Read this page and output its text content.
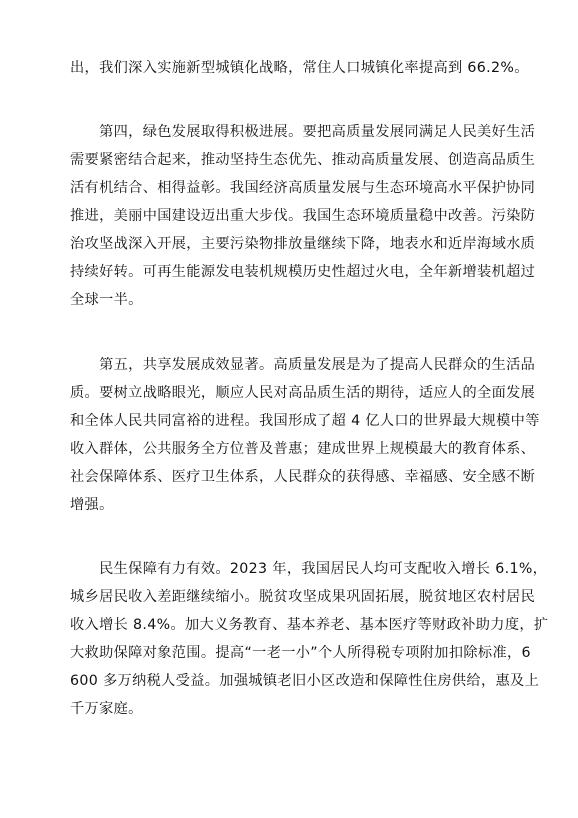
出，我们深入实施新型城镇化战略，常住人口城镇化率提高到 66.2%。
　　第四，绿色发展取得积极进展。要把高质量发展同满足人民美好生活
需要紧密结合起来，推动坚持生态优先、推动高质量发展、创造高品质生
活有机结合、相得益彰。我国经济高质量发展与生态环境高水平保护协同
推进，美丽中国建设迈出重大步伐。我国生态环境质量稳中改善。污染防
治攻坚战深入开展，主要污染物排放量继续下降，地表水和近岸海域水质
持续好转。可再生能源发电装机规模历史性超过火电，全年新增装机超过
全球一半。
　　第五，共享发展成效显著。高质量发展是为了提高人民群众的生活品
质。要树立战略眼光，顺应人民对高品质生活的期待，适应人的全面发展
和全体人民共同富裕的进程。我国形成了超 4 亿人口的世界最大规模中等
收入群体，公共服务全方位普及普惠；建成世界上规模最大的教育体系、
社会保障体系、医疗卫生体系，人民群众的获得感、幸福感、安全感不断
增强。
　　民生保障有力有效。2023 年，我国居民人均可支配收入增长 6.1%，
城乡居民收入差距继续缩小。脱贫攻坚成果巩固拓展，脱贫地区农村居民
收入增长 8.4%。加大义务教育、基本养老、基本医疗等财政补助力度，扩
大救助保障对象范围。提高“一老一小”个人所得税专项附加扣除标准，6
600 多万纳税人受益。加强城镇老旧小区改造和保障性住房供给，惠及上
千万家庭。
